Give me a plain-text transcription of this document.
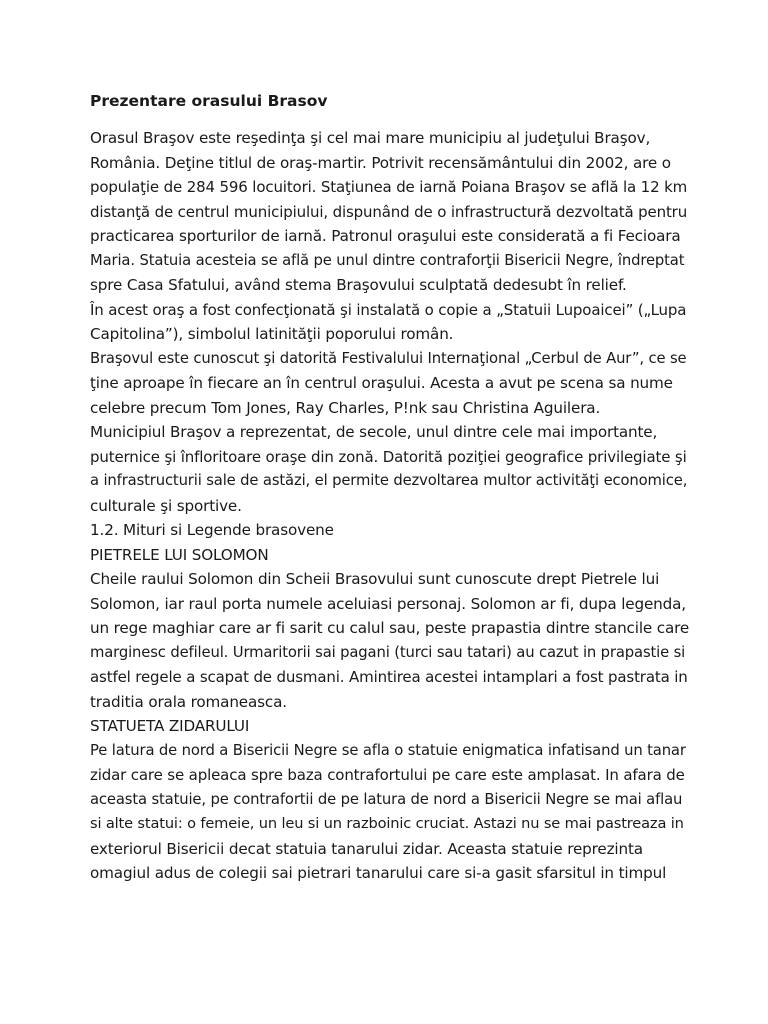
Prezentare orasului Brasov
Orasul Braşov este reşedinţa şi cel mai mare municipiu al judeţului Braşov,
România. Deţine titlul de oraş-martir. Potrivit recensământului din 2002, are o
populaţie de 284 596 locuitori. Staţiunea de iarnă Poiana Braşov se află la 12 km
distanţă de centrul municipiului, dispunând de o infrastructură dezvoltată pentru
practicarea sporturilor de iarnă. Patronul oraşului este considerată a fi Fecioara
Maria. Statuia acesteia se află pe unul dintre contraforţii Bisericii Negre, îndreptat
spre Casa Sfatului, având stema Braşovului sculptată dedesubt în relief.
În acest oraş a fost confecţionată şi instalată o copie a „Statuii Lupoaicei” („Lupa
Capitolina”), simbolul latinităţii poporului român.
Braşovul este cunoscut şi datorită Festivalului Internaţional „Cerbul de Aur”, ce se
ţine aproape în fiecare an în centrul oraşului. Acesta a avut pe scena sa nume
celebre precum Tom Jones, Ray Charles, P!nk sau Christina Aguilera.
Municipiul Braşov a reprezentat, de secole, unul dintre cele mai importante,
puternice şi înfloritoare oraşe din zonă. Datorită poziţiei geografice privilegiate şi
a infrastructurii sale de astăzi, el permite dezvoltarea multor activităţi economice,
culturale şi sportive.
1.2. Mituri si Legende brasovene
PIETRELE LUI SOLOMON
Cheile raului Solomon din Scheii Brasovului sunt cunoscute drept Pietrele lui
Solomon, iar raul porta numele aceluiasi personaj. Solomon ar fi, dupa legenda,
un rege maghiar care ar fi sarit cu calul sau, peste prapastia dintre stancile care
marginesc defileul. Urmaritorii sai pagani (turci sau tatari) au cazut in prapastie si
astfel regele a scapat de dusmani. Amintirea acestei intamplari a fost pastrata in
traditia orala romaneasca.
STATUETA ZIDARULUI
Pe latura de nord a Bisericii Negre se afla o statuie enigmatica infatisand un tanar
zidar care se apleaca spre baza contrafortului pe care este amplasat. In afara de
aceasta statuie, pe contrafortii de pe latura de nord a Bisericii Negre se mai aflau
si alte statui: o femeie, un leu si un razboinic cruciat. Astazi nu se mai pastreaza in
exteriorul Bisericii decat statuia tanarului zidar. Aceasta statuie reprezinta
omagiul adus de colegii sai pietrari tanarului care si-a gasit sfarsitul in timpul
